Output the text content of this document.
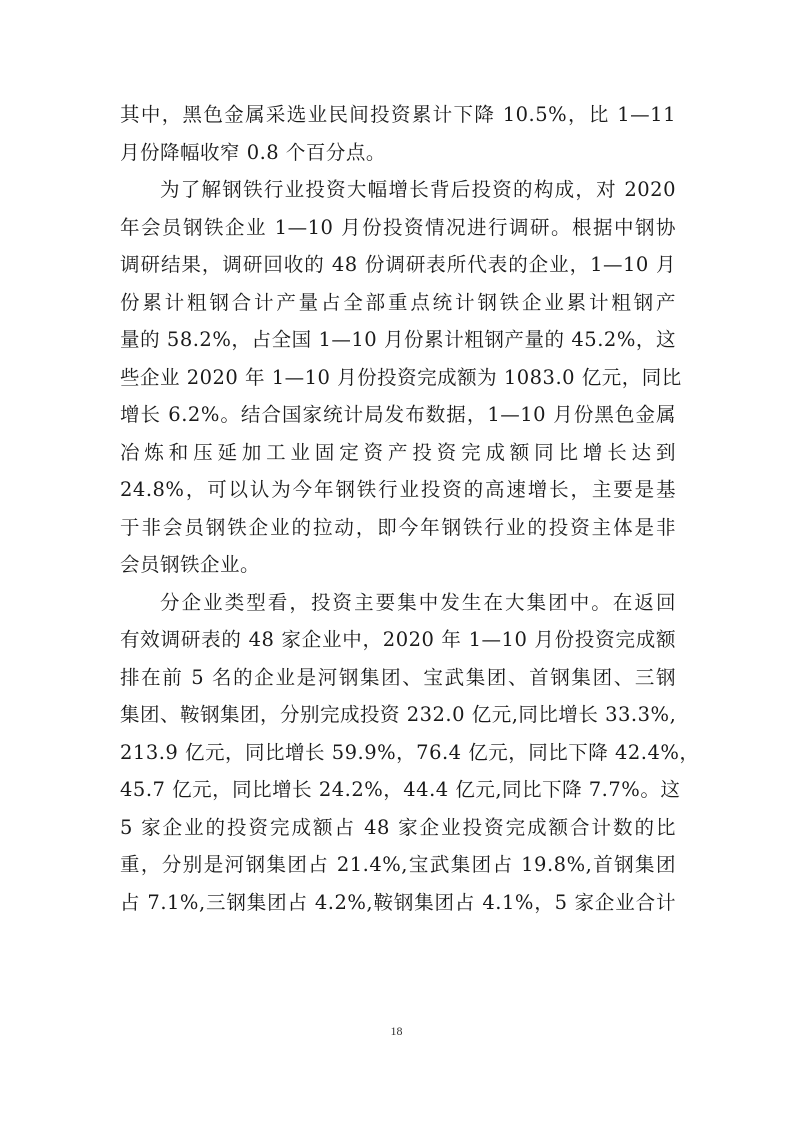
其中，黑色金属采选业民间投资累计下降 10.5%，比 1—11
月份降幅收窄 0.8 个百分点。
为了解钢铁行业投资大幅增长背后投资的构成，对 2020
年会员钢铁企业 1—10 月份投资情况进行调研。根据中钢协
调研结果，调研回收的 48 份调研表所代表的企业，1—10 月
份累计粗钢合计产量占全部重点统计钢铁企业累计粗钢产
量的 58.2%，占全国 1—10 月份累计粗钢产量的 45.2%，这
些企业 2020 年 1—10 月份投资完成额为 1083.0 亿元，同比
增长 6.2%。结合国家统计局发布数据，1—10 月份黑色金属
冶炼和压延加工业固定资产投资完成额同比增长达到
24.8%，可以认为今年钢铁行业投资的高速增长，主要是基
于非会员钢铁企业的拉动，即今年钢铁行业的投资主体是非
会员钢铁企业。
分企业类型看，投资主要集中发生在大集团中。在返回
有效调研表的 48 家企业中，2020 年 1—10 月份投资完成额
排在前 5 名的企业是河钢集团、宝武集团、首钢集团、三钢
集团、鞍钢集团，分别完成投资 232.0 亿元,同比增长 33.3%,
213.9 亿元，同比增长 59.9%，76.4 亿元，同比下降 42.4%，
45.7 亿元，同比增长 24.2%，44.4 亿元,同比下降 7.7%。这
5 家企业的投资完成额占 48 家企业投资完成额合计数的比
重，分别是河钢集团占 21.4%,宝武集团占 19.8%,首钢集团
占 7.1%,三钢集团占 4.2%,鞍钢集团占 4.1%，5 家企业合计
18
